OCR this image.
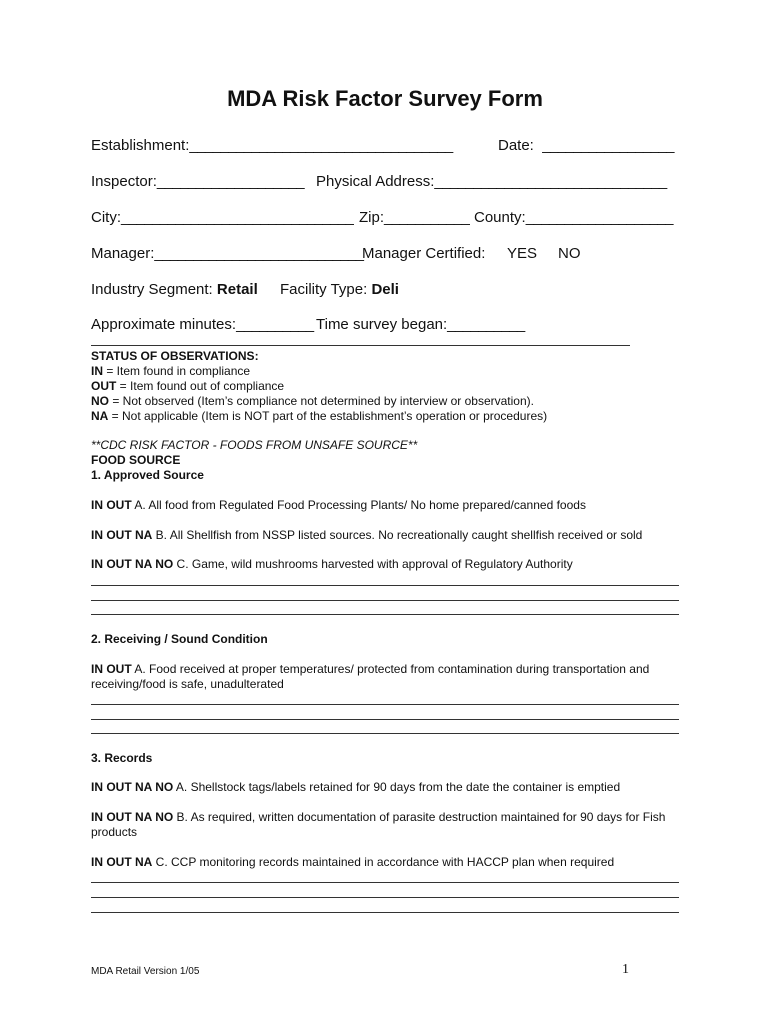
MDA Risk Factor Survey Form
Establishment:__________________________________	Date: _________________
Inspector:___________________ Physical Address:______________________________
City:______________________________ Zip:___________ County:___________________
Manager:___________________________
Manager Certified: YES NO
Industry Segment: Retail Facility Type: Deli
Approximate minutes:__________ Time survey began:__________
STATUS OF OBSERVATIONS:
IN = Item found in compliance
OUT = Item found out of compliance
NO = Not observed (Item’s compliance not determined by interview or observation).
NA = Not applicable (Item is NOT part of the establishment’s operation or procedures)
**CDC RISK FACTOR - FOODS FROM UNSAFE SOURCE**
FOOD SOURCE
1. Approved Source
IN OUT A. All food from Regulated Food Processing Plants/ No home prepared/canned foods
IN OUT NA B. All Shellfish from NSSP listed sources. No recreationally caught shellfish received or sold
IN OUT NA NO C. Game, wild mushrooms harvested with approval of Regulatory Authority
2. Receiving / Sound Condition
IN OUT A. Food received at proper temperatures/ protected from contamination during transportation and receiving/food is safe, unadulterated
3. Records
IN OUT NA NO A. Shellstock tags/labels retained for 90 days from the date the container is emptied
IN OUT NA NO B. As required, written documentation of parasite destruction maintained for 90 days for Fish products
IN OUT NA C. CCP monitoring records maintained in accordance with HACCP plan when required
MDA Retail Version 1/05	1
